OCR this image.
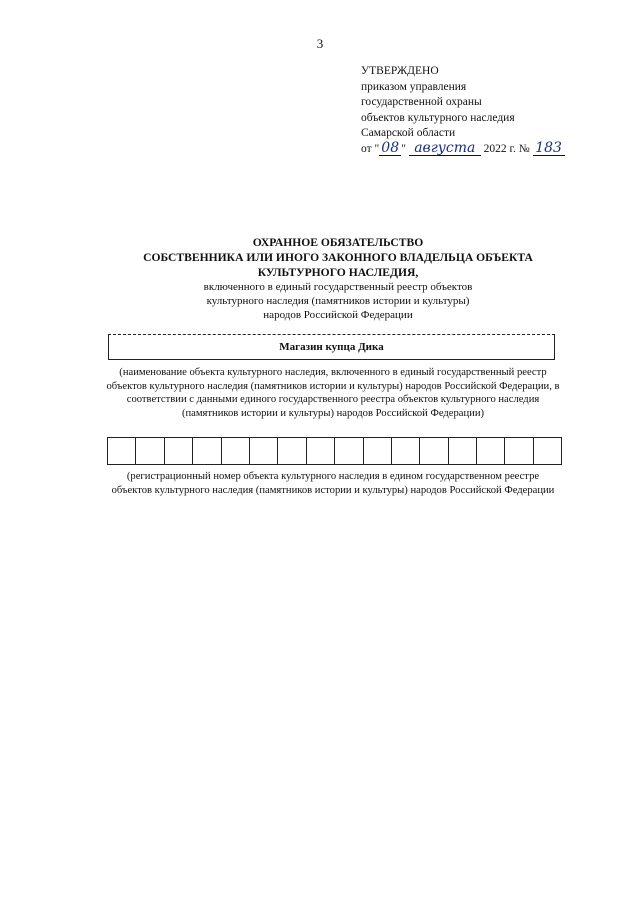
3
УТВЕРЖДЕНО
приказом управления
государственной охраны
объектов культурного наследия
Самарской области
от " 08 " августа 2022 г. № 183
ОХРАННОЕ ОБЯЗАТЕЛЬСТВО
СОБСТВЕННИКА ИЛИ ИНОГО ЗАКОННОГО ВЛАДЕЛЬЦА ОБЪЕКТА
КУЛЬТУРНОГО НАСЛЕДИЯ,
включенного в единый государственный реестр объектов
культурного наследия (памятников истории и культуры)
народов Российской Федерации
Магазин купца Дика
(наименование объекта культурного наследия, включенного в единый государственный реестр объектов культурного наследия (памятников истории и культуры) народов Российской Федерации, в соответствии с данными единого государственного реестра объектов культурного наследия (памятников истории и культуры) народов Российской Федерации)
(регистрационный номер объекта культурного наследия в едином государственном реестре объектов культурного наследия (памятников истории и культуры) народов Российской Федерации
